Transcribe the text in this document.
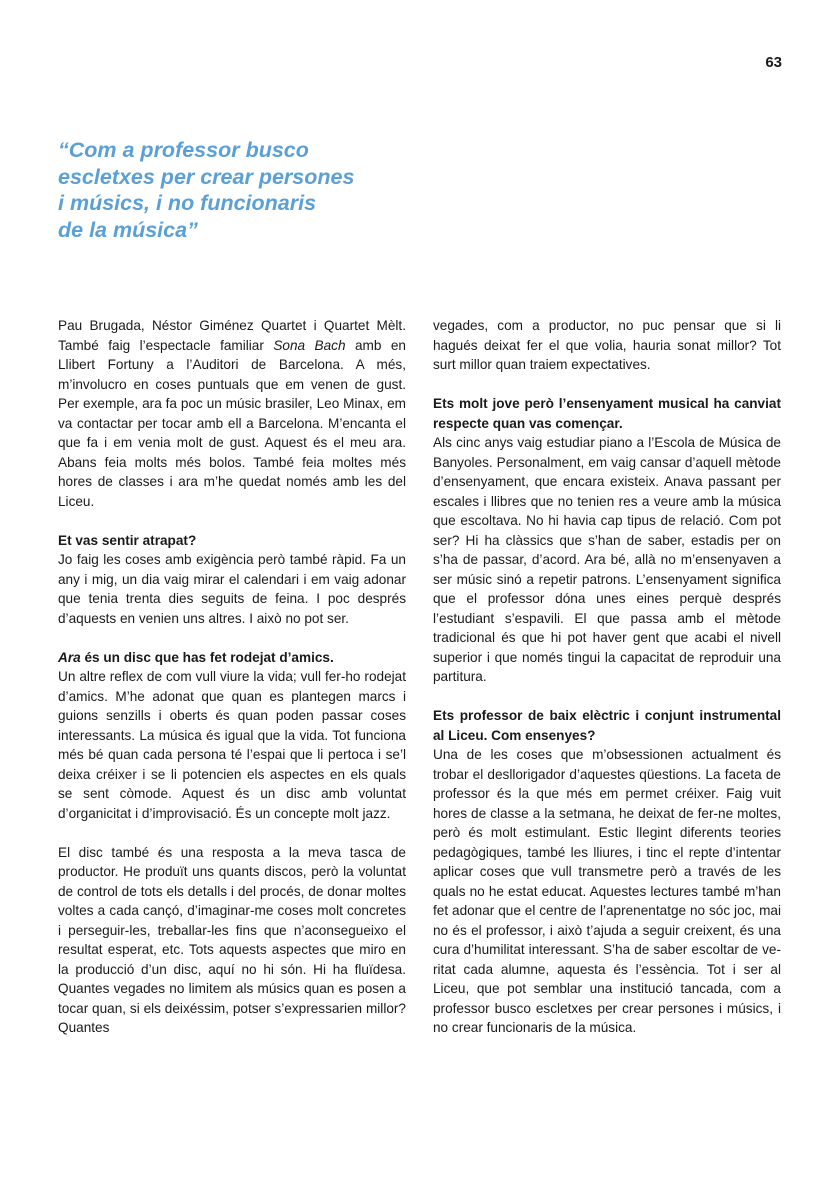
63
“Com a professor busco
escletxes per crear persones
i músics, i no funcionaris
de la música”

Pau Brugada, Néstor Giménez Quartet i Quartet Mèlt. També faig l’espectacle familiar Sona Bach amb en Llibert Fortuny a l’Auditori de Barcelona. A més, m’involucro en coses puntuals que em venen de gust. Per exemple, ara fa poc un músic brasiler, Leo Minax, em va contactar per tocar amb ell a Barcelona. M’encanta el que fa i em venia molt de gust. Aquest és el meu ara. Abans feia molts més bolos. També feia moltes més hores de classes i ara m’he quedat només amb les del Liceu.

Et vas sentir atrapat?

Jo faig les coses amb exigència però també ràpid. Fa un any i mig, un dia vaig mirar el calendari i em vaig adonar que tenia trenta dies seguits de feina. I poc després d’aquests en venien uns altres. I això no pot ser.

Ara és un disc que has fet rodejat d’amics.

Un altre reflex de com vull viure la vida; vull fer-ho rodejat d’amics. M’he adonat que quan es plantegen marcs i guions senzills i oberts és quan poden passar coses interessants. La música és igual que la vida. Tot funciona més bé quan cada persona té l’espai que li pertoca i se’l deixa créixer i se li potencien els aspectes en els quals se sent còmode. Aquest és un disc amb voluntat d’organicitat i d’improvisació. És un concepte molt jazz.

El disc també és una resposta a la meva tasca de productor. He produït uns quants discos, però la voluntat de control de tots els detalls i del procés, de donar moltes voltes a cada cançó, d’imaginar-me coses molt concretes i perseguir-les, treballar-les fins que n’aconsegueixo el resultat esperat, etc. Tots aquests aspectes que miro en la producció d’un disc, aquí no hi són. Hi ha fluïdesa. Quantes vegades no limitem als músics quan es posen a tocar quan, si els deixéssim, potser s’expressarien millor? Quantes

vegades, com a productor, no puc pensar que si li hagués deixat fer el que volia, hauria sonat millor? Tot surt millor quan traiem expectatives.

Ets molt jove però l’ensenyament musical ha canviat respecte quan vas començar.

Als cinc anys vaig estudiar piano a l’Escola de Música de Banyoles. Personalment, em vaig cansar d’aquell mètode d’ensenyament, que encara existeix. Anava passant per escales i llibres que no tenien res a veure amb la música que escoltava. No hi havia cap tipus de relació. Com pot ser? Hi ha clàssics que s’han de saber, estadis per on s’ha de passar, d’acord. Ara bé, allà no m’ensenyaven a ser músic sinó a repetir patrons. L’ensenyament significa que el professor dóna unes eines perquè després l’estudiant s’espavili. El que passa amb el mètode tradicional és que hi pot haver gent que acabi el nivell superior i que només tingui la capacitat de reproduir una partitura.

Ets professor de baix elèctric i conjunt instrumental al Liceu. Com ensenyes?

Una de les coses que m’obsessionen actualment és trobar el desllorigador d’aquestes qüestions. La faceta de professor és la que més em permet créixer. Faig vuit hores de classe a la setmana, he deixat de fer-ne moltes, però és molt estimulant. Estic llegint diferents teories pedagògiques, també les lliures, i tinc el repte d’intentar aplicar coses que vull transmetre però a través de les quals no he estat educat. Aquestes lectures també m’han fet adonar que el centre de l’aprenentatge no sóc joc, mai no és el professor, i això t’ajuda a seguir creixent, és una cura d’humilitat interessant. S’ha de saber escoltar de veritat cada alumne, aquesta és l’essència. Tot i ser al Liceu, que pot semblar una institució tancada, com a professor busco escletxes per crear persones i músics, i no crear funcionaris de la música.
